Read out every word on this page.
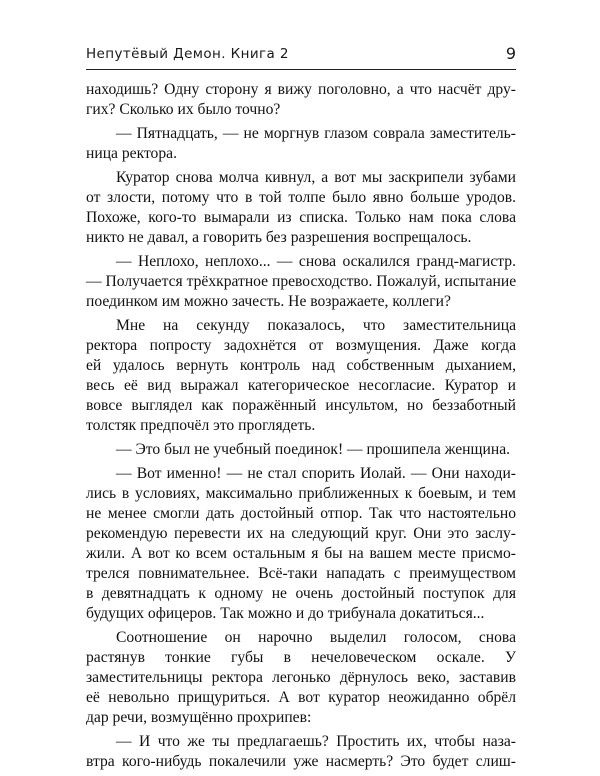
Непутёвый Демон. Книга 2	9
находишь? Одну сторону я вижу поголовно, а что насчёт дру-
гих? Сколько их было точно?
— Пятнадцать, — не моргнув глазом соврала заместитель-
ница ректора.
Куратор снова молча кивнул, а вот мы заскрипели зубами
от злости, потому что в той толпе было явно больше уродов.
Похоже, кого-то вымарали из списка. Только нам пока слова
никто не давал, а говорить без разрешения воспрещалось.
— Неплохо, неплохо... — снова оскалился гранд-магистр.
— Получается трёхкратное превосходство. Пожалуй, испытание
поединком им можно зачесть. Не возражаете, коллеги?
Мне на секунду показалось, что заместительница
ректора попросту задохнётся от возмущения. Даже когда
ей удалось вернуть контроль над собственным дыханием,
весь её вид выражал категорическое несогласие. Куратор и
вовсе выглядел как поражённый инсультом, но беззаботный
толстяк предпочёл это проглядеть.
— Это был не учебный поединок! — прошипела женщина.
— Вот именно! — не стал спорить Иолай. — Они находи-
лись в условиях, максимально приближенных к боевым, и тем
не менее смогли дать достойный отпор. Так что настоятельно
рекомендую перевести их на следующий круг. Они это заслу-
жили. А вот ко всем остальным я бы на вашем месте присмо-
трелся повнимательнее. Всё-таки нападать с преимуществом
в девятнадцать к одному не очень достойный поступок для
будущих офицеров. Так можно и до трибунала докатиться...
Соотношение он нарочно выделил голосом, снова
растянув тонкие губы в нечеловеческом оскале. У
заместительницы ректора легонько дёрнулось веко, заставив
её невольно прищуриться. А вот куратор неожиданно обрёл
дар речи, возмущённо прохрипев:
— И что же ты предлагаешь? Простить их, чтобы наза-
втра кого-нибудь покалечили уже насмерть? Это будет слиш-
